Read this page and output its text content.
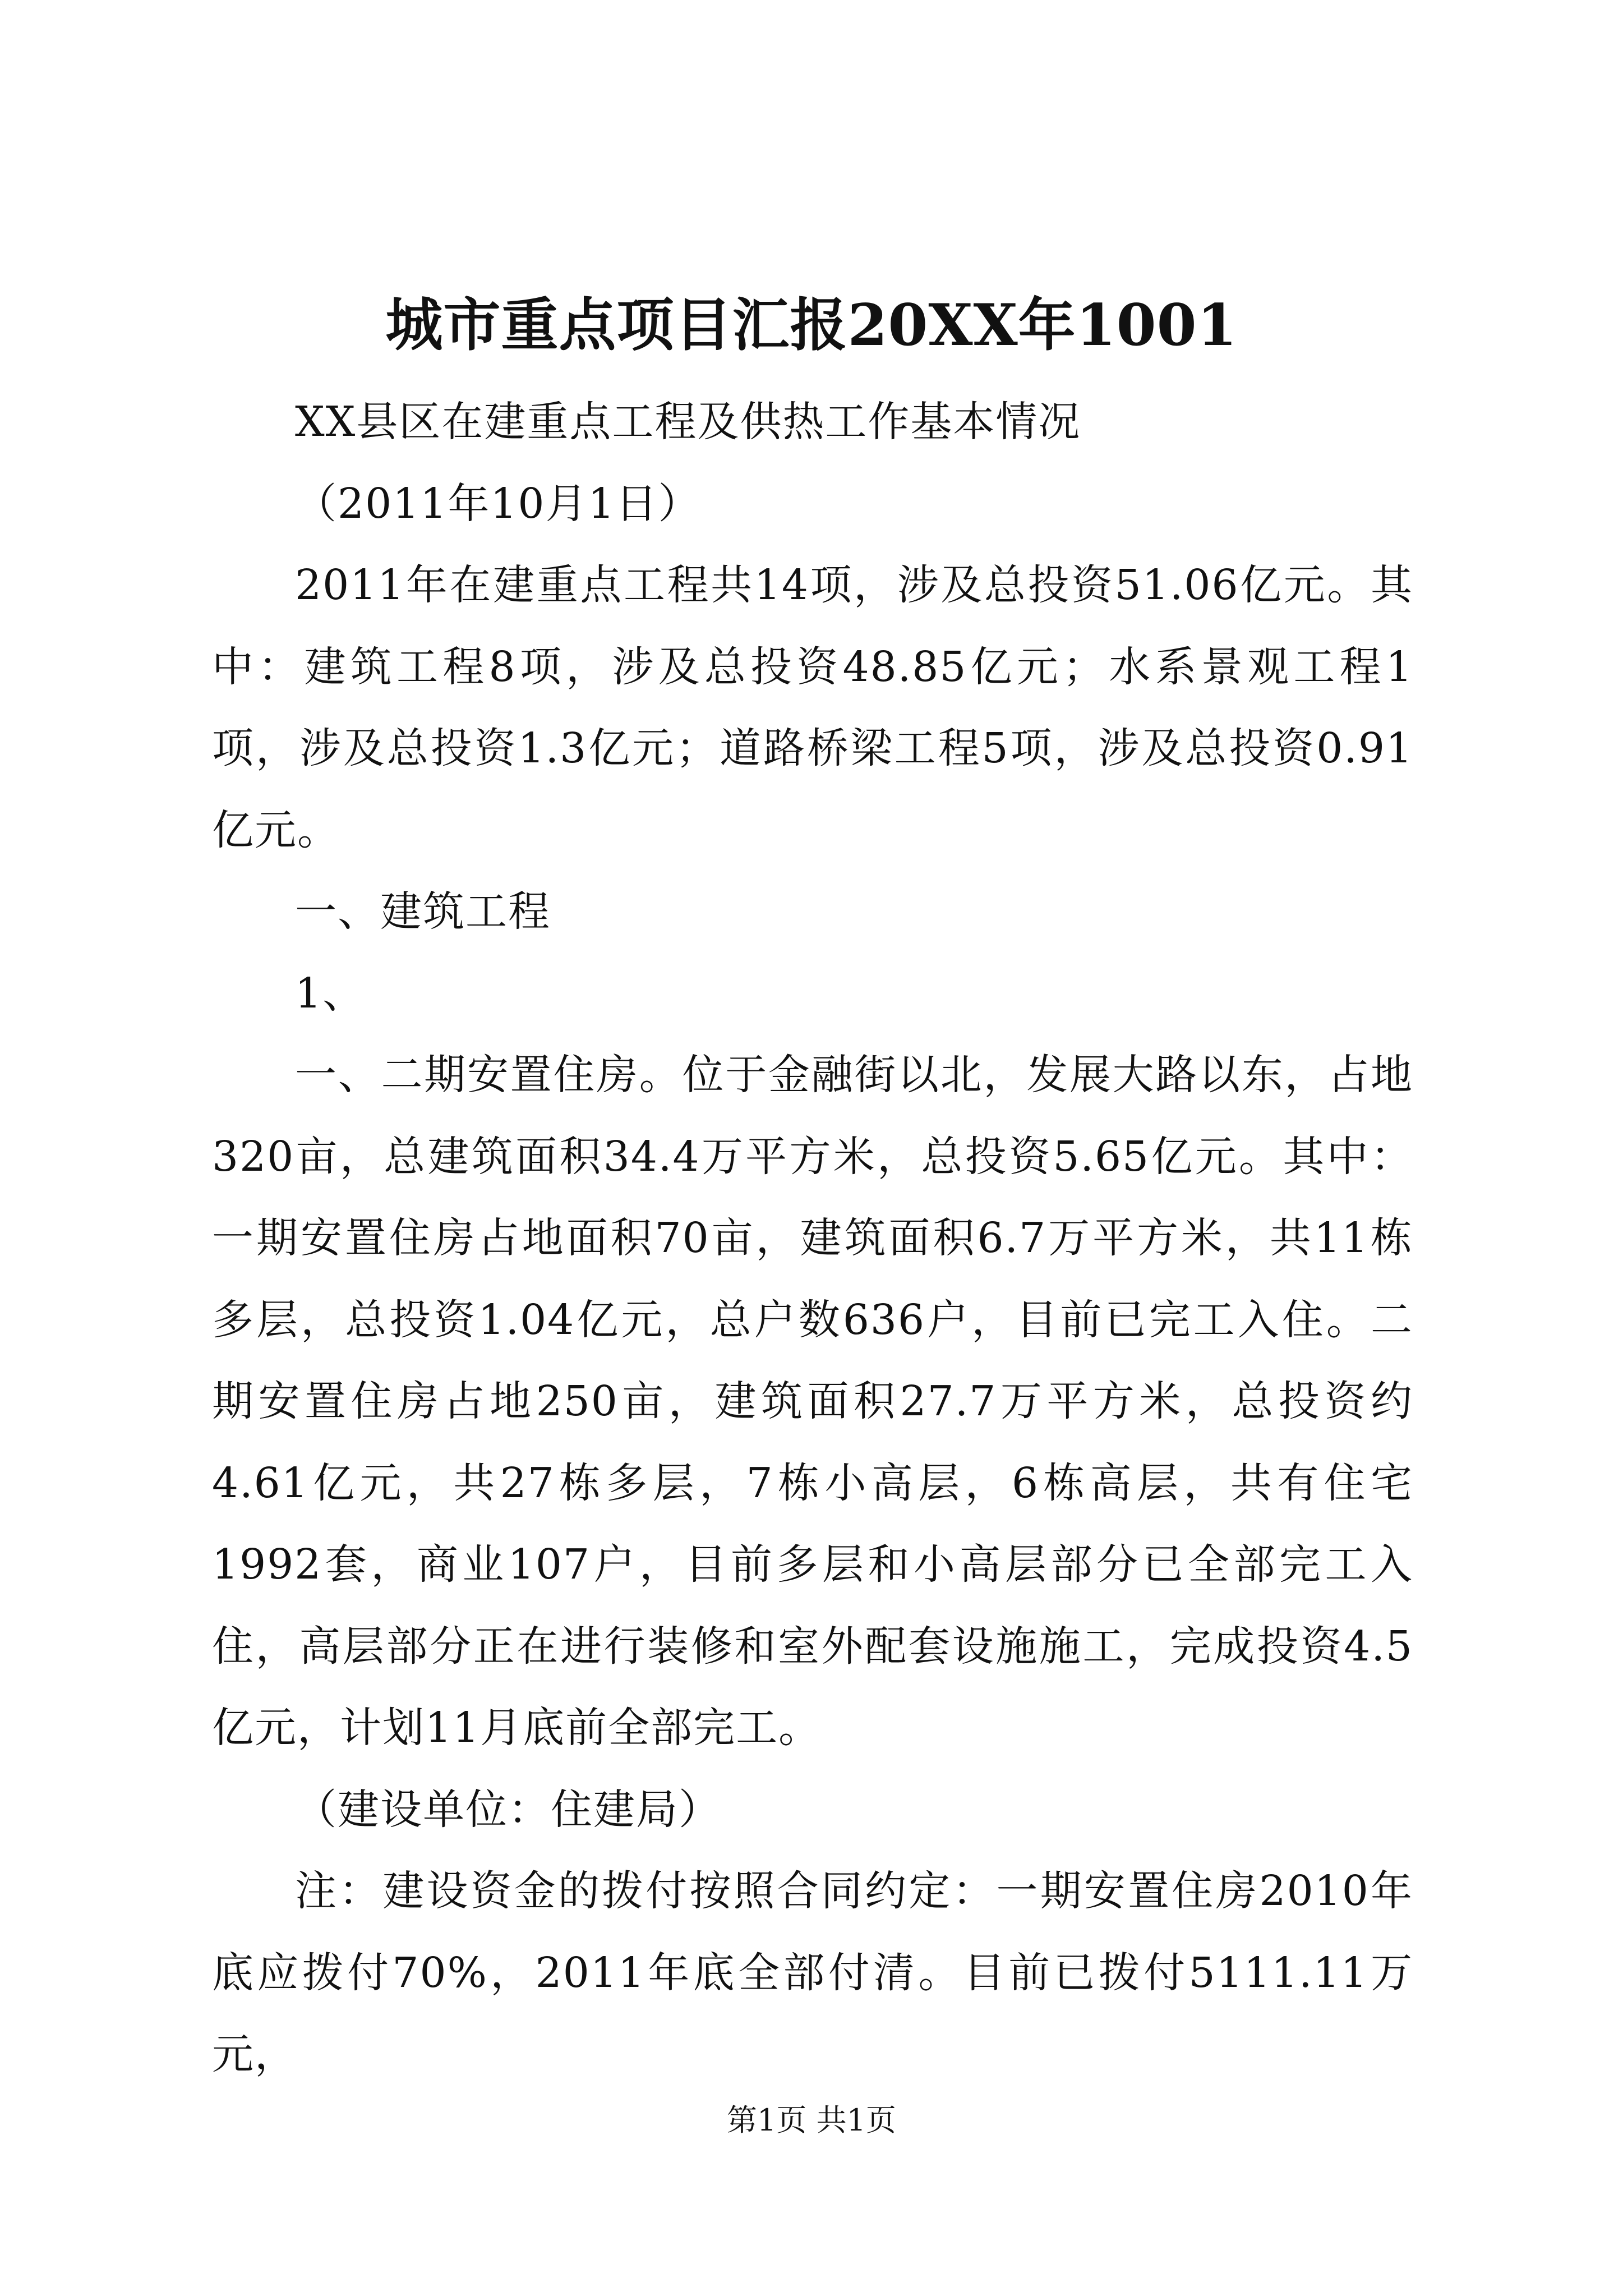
城市重点项目汇报20XX年1001

XX县区在建重点工程及供热工作基本情况

（2011年10月1日）

2011年在建重点工程共14项，涉及总投资51.06亿元。其中：建筑工程8项，涉及总投资48.85亿元；水系景观工程1项，涉及总投资1.3亿元；道路桥梁工程5项，涉及总投资0.91亿元。

一、建筑工程

1、

一、二期安置住房。位于金融街以北，发展大路以东，占地320亩，总建筑面积34.4万平方米，总投资5.65亿元。其中：一期安置住房占地面积70亩，建筑面积6.7万平方米，共11栋多层，总投资1.04亿元，总户数636户，目前已完工入住。二期安置住房占地250亩，建筑面积27.7万平方米，总投资约4.61亿元，共27栋多层，7栋小高层，6栋高层，共有住宅1992套，商业107户，目前多层和小高层部分已全部完工入住，高层部分正在进行装修和室外配套设施施工，完成投资4.5亿元，计划11月底前全部完工。

（建设单位：住建局）

注：建设资金的拨付按照合同约定：一期安置住房2010年底应拨付70%，2011年底全部付清。目前已拨付5111.11万元，

第1页 共1页
